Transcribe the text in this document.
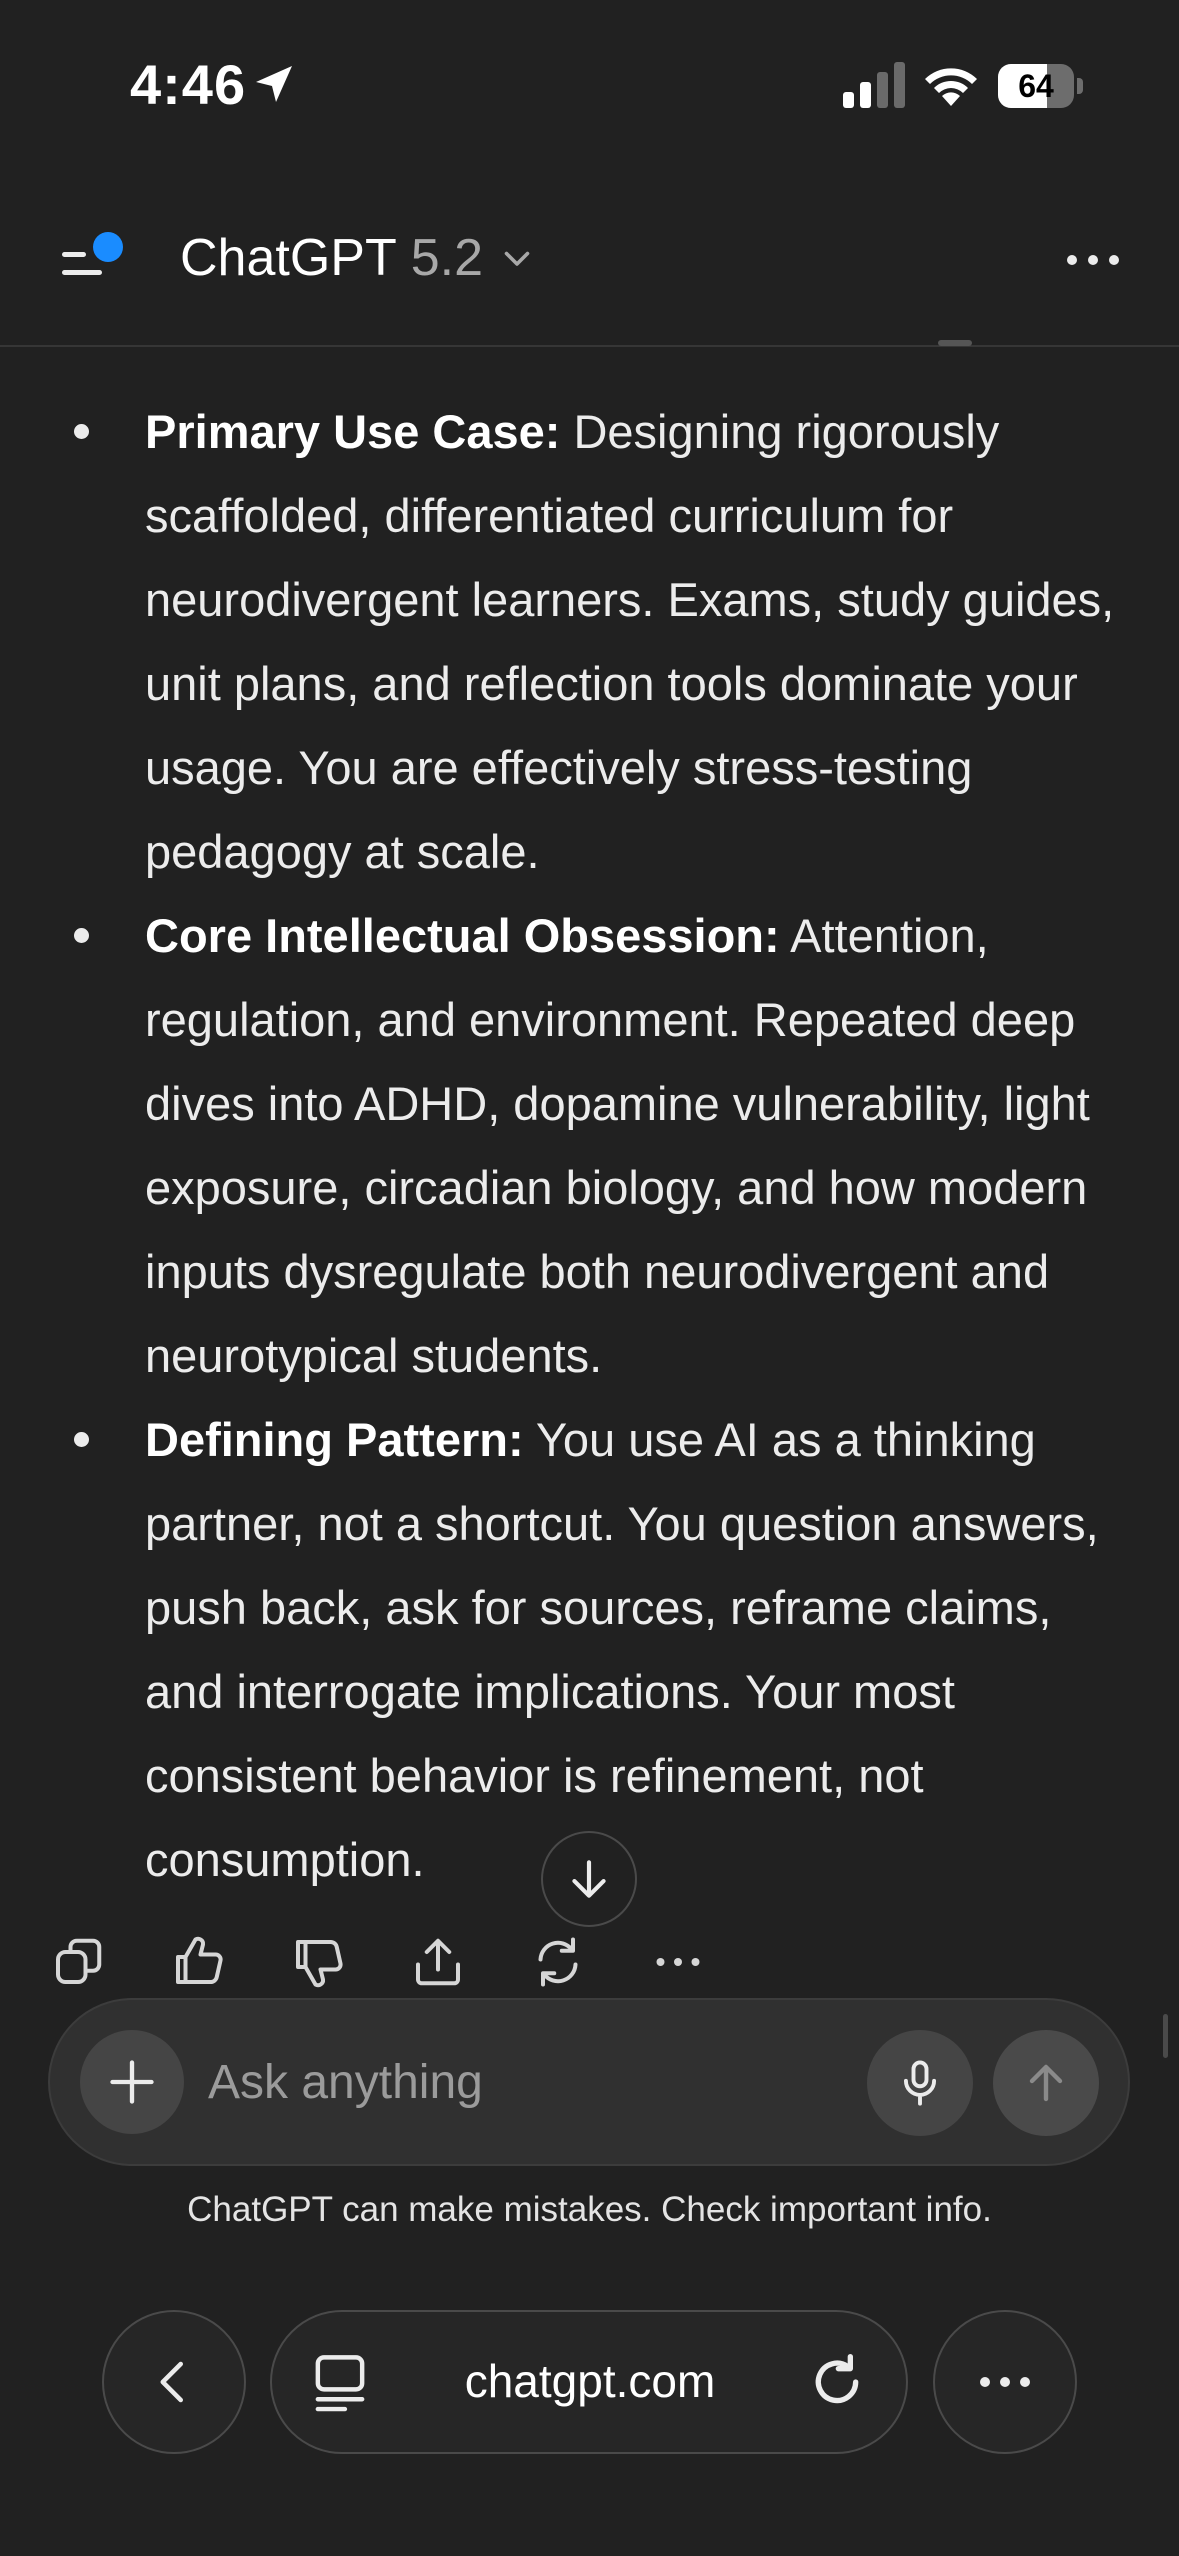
4:46	64
ChatGPT 5.2
Primary Use Case: Designing rigorously scaffolded, differentiated curriculum for neurodivergent learners. Exams, study guides, unit plans, and reflection tools dominate your usage. You are effectively stress-testing pedagogy at scale.
Core Intellectual Obsession: Attention, regulation, and environment. Repeated deep dives into ADHD, dopamine vulnerability, light exposure, circadian biology, and how modern inputs dysregulate both neurodivergent and neurotypical students.
Defining Pattern: You use AI as a thinking partner, not a shortcut. You question answers, push back, ask for sources, reframe claims, and interrogate implications. Your most consistent behavior is refinement, not consumption.
Ask anything
ChatGPT can make mistakes. Check important info.
chatgpt.com
